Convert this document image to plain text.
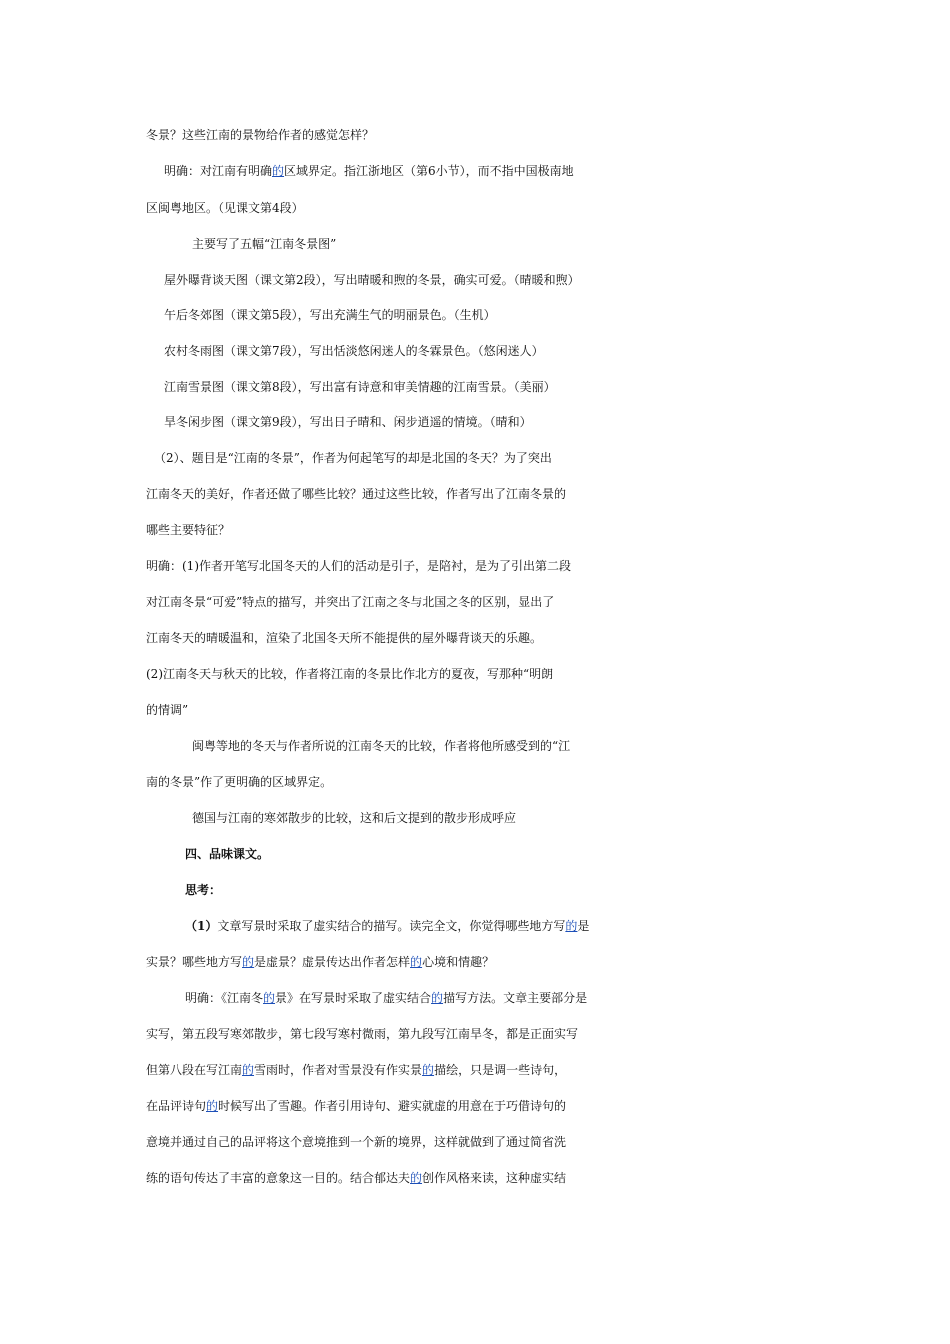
冬景？这些江南的景物给作者的感觉怎样？
明确：对江南有明确的区域界定。指江浙地区（第6小节），而不指中国极南地
区闽粤地区。（见课文第4段）
主要写了五幅“江南冬景图”
屋外曝背谈天图（课文第2段），写出晴暖和煦的冬景，确实可爱。（晴暖和煦）
午后冬郊图（课文第5段），写出充满生气的明丽景色。（生机）
农村冬雨图（课文第7段），写出恬淡悠闲迷人的冬霖景色。（悠闲迷人）
江南雪景图（课文第8段），写出富有诗意和审美情趣的江南雪景。（美丽）
旱冬闲步图（课文第9段），写出日子晴和、闲步逍遥的情境。（晴和）
（2）、题目是“江南的冬景”，作者为何起笔写的却是北国的冬天？为了突出
江南冬天的美好，作者还做了哪些比较？通过这些比较，作者写出了江南冬景的
哪些主要特征？
明确：(1)作者开笔写北国冬天的人们的活动是引子，是陪衬，是为了引出第二段
对江南冬景“可爱”特点的描写，并突出了江南之冬与北国之冬的区别，显出了
江南冬天的晴暖温和，渲染了北国冬天所不能提供的屋外曝背谈天的乐趣。
(2)江南冬天与秋天的比较，作者将江南的冬景比作北方的夏夜，写那种“明朗
的情调”
闽粤等地的冬天与作者所说的江南冬天的比较，作者将他所感受到的“江
南的冬景”作了更明确的区域界定。
德国与江南的寒郊散步的比较，这和后文提到的散步形成呼应
四、品味课文。
思考：
（1）文章写景时采取了虚实结合的描写。读完全文，你觉得哪些地方写的是
实景？哪些地方写的是虚景？虚景传达出作者怎样的心境和情趣？
明确：《江南冬的景》在写景时采取了虚实结合的描写方法。文章主要部分是
实写，第五段写寒郊散步，第七段写寒村微雨，第九段写江南旱冬，都是正面实写
但第八段在写江南的雪雨时，作者对雪景没有作实景的描绘，只是调一些诗句，
在品评诗句的时候写出了雪趣。作者引用诗句、避实就虚的用意在于巧借诗句的
意境并通过自己的品评将这个意境推到一个新的境界，这样就做到了通过简省洗
练的语句传达了丰富的意象这一目的。结合郁达夫的创作风格来读，这种虚实结
